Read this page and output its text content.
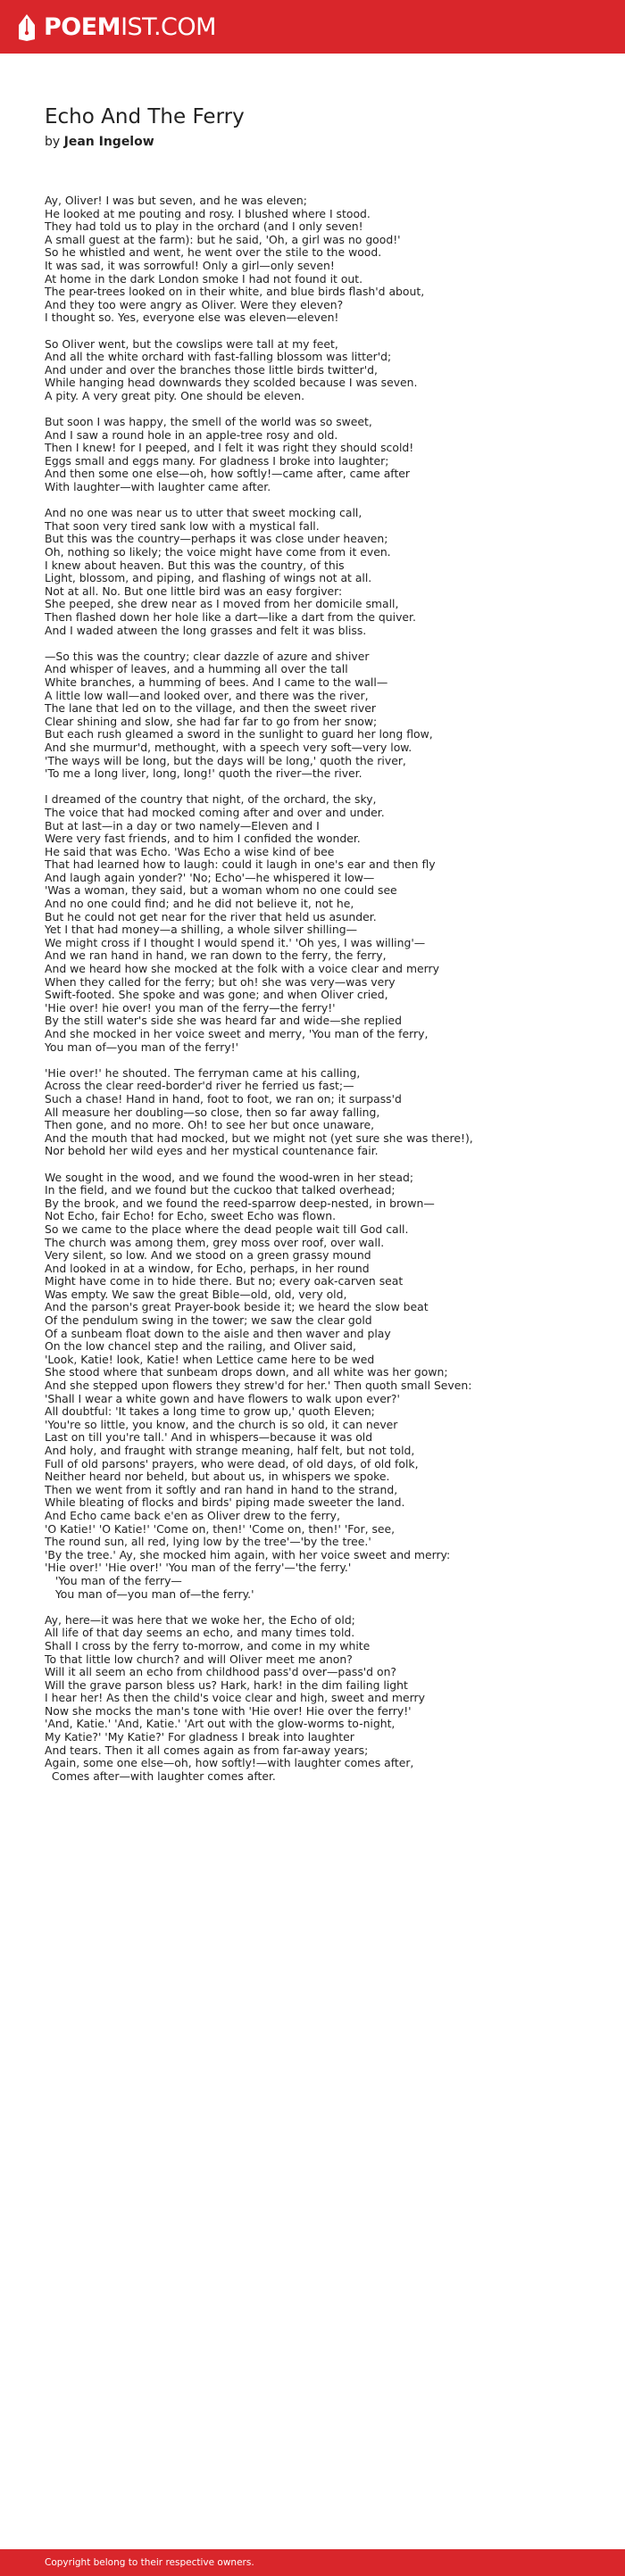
POEMIST.COM
Echo And The Ferry
by Jean Ingelow
Ay, Oliver! I was but seven, and he was eleven;
He looked at me pouting and rosy. I blushed where I stood.
They had told us to play in the orchard (and I only seven!
A small guest at the farm): but he said, 'Oh, a girl was no good!'
So he whistled and went, he went over the stile to the wood.
It was sad, it was sorrowful! Only a girl—only seven!
At home in the dark London smoke I had not found it out.
The pear-trees looked on in their white, and blue birds flash'd about,
And they too were angry as Oliver. Were they eleven?
I thought so. Yes, everyone else was eleven—eleven!
So Oliver went, but the cowslips were tall at my feet,
And all the white orchard with fast-falling blossom was litter'd;
And under and over the branches those little birds twitter'd,
While hanging head downwards they scolded because I was seven.
A pity. A very great pity. One should be eleven.
But soon I was happy, the smell of the world was so sweet,
And I saw a round hole in an apple-tree rosy and old.
Then I knew! for I peeped, and I felt it was right they should scold!
Eggs small and eggs many. For gladness I broke into laughter;
And then some one else—oh, how softly!—came after, came after
With laughter—with laughter came after.
And no one was near us to utter that sweet mocking call,
That soon very tired sank low with a mystical fall.
But this was the country—perhaps it was close under heaven;
Oh, nothing so likely; the voice might have come from it even.
I knew about heaven. But this was the country, of this
Light, blossom, and piping, and flashing of wings not at all.
Not at all. No. But one little bird was an easy forgiver:
She peeped, she drew near as I moved from her domicile small,
Then flashed down her hole like a dart—like a dart from the quiver.
And I waded atween the long grasses and felt it was bliss.
—So this was the country; clear dazzle of azure and shiver
And whisper of leaves, and a humming all over the tall
White branches, a humming of bees. And I came to the wall—
A little low wall—and looked over, and there was the river,
The lane that led on to the village, and then the sweet river
Clear shining and slow, she had far far to go from her snow;
But each rush gleamed a sword in the sunlight to guard her long flow,
And she murmur'd, methought, with a speech very soft—very low.
'The ways will be long, but the days will be long,' quoth the river,
'To me a long liver, long, long!' quoth the river—the river.
I dreamed of the country that night, of the orchard, the sky,
The voice that had mocked coming after and over and under.
But at last—in a day or two namely—Eleven and I
Were very fast friends, and to him I confided the wonder.
He said that was Echo. 'Was Echo a wise kind of bee
That had learned how to laugh: could it laugh in one's ear and then fly
And laugh again yonder?' 'No; Echo'—he whispered it low—
'Was a woman, they said, but a woman whom no one could see
And no one could find; and he did not believe it, not he,
But he could not get near for the river that held us asunder.
Yet I that had money—a shilling, a whole silver shilling—
We might cross if I thought I would spend it.' 'Oh yes, I was willing'—
And we ran hand in hand, we ran down to the ferry, the ferry,
And we heard how she mocked at the folk with a voice clear and merry
When they called for the ferry; but oh! she was very—was very
Swift-footed. She spoke and was gone; and when Oliver cried,
'Hie over! hie over! you man of the ferry—the ferry!'
By the still water's side she was heard far and wide—she replied
And she mocked in her voice sweet and merry, 'You man of the ferry,
You man of—you man of the ferry!'
'Hie over!' he shouted. The ferryman came at his calling,
Across the clear reed-border'd river he ferried us fast;—
Such a chase! Hand in hand, foot to foot, we ran on; it surpass'd
All measure her doubling—so close, then so far away falling,
Then gone, and no more. Oh! to see her but once unaware,
And the mouth that had mocked, but we might not (yet sure she was there!),
Nor behold her wild eyes and her mystical countenance fair.
We sought in the wood, and we found the wood-wren in her stead;
In the field, and we found but the cuckoo that talked overhead;
By the brook, and we found the reed-sparrow deep-nested, in brown—
Not Echo, fair Echo! for Echo, sweet Echo was flown.
So we came to the place where the dead people wait till God call.
The church was among them, grey moss over roof, over wall.
Very silent, so low. And we stood on a green grassy mound
And looked in at a window, for Echo, perhaps, in her round
Might have come in to hide there. But no; every oak-carven seat
Was empty. We saw the great Bible—old, old, very old,
And the parson's great Prayer-book beside it; we heard the slow beat
Of the pendulum swing in the tower; we saw the clear gold
Of a sunbeam float down to the aisle and then waver and play
On the low chancel step and the railing, and Oliver said,
'Look, Katie! look, Katie! when Lettice came here to be wed
She stood where that sunbeam drops down, and all white was her gown;
And she stepped upon flowers they strew'd for her.' Then quoth small Seven:
'Shall I wear a white gown and have flowers to walk upon ever?'
All doubtful: 'It takes a long time to grow up,' quoth Eleven;
'You're so little, you know, and the church is so old, it can never
Last on till you're tall.' And in whispers—because it was old
And holy, and fraught with strange meaning, half felt, but not told,
Full of old parsons' prayers, who were dead, of old days, of old folk,
Neither heard nor beheld, but about us, in whispers we spoke.
Then we went from it softly and ran hand in hand to the strand,
While bleating of flocks and birds' piping made sweeter the land.
And Echo came back e'en as Oliver drew to the ferry,
'O Katie!' 'O Katie!' 'Come on, then!' 'Come on, then!' 'For, see,
The round sun, all red, lying low by the tree'—'by the tree.'
'By the tree.' Ay, she mocked him again, with her voice sweet and merry:
'Hie over!' 'Hie over!' 'You man of the ferry'—'the ferry.'
'You man of the ferry—
You man of—you man of—the ferry.'
Ay, here—it was here that we woke her, the Echo of old;
All life of that day seems an echo, and many times told.
Shall I cross by the ferry to-morrow, and come in my white
To that little low church? and will Oliver meet me anon?
Will it all seem an echo from childhood pass'd over—pass'd on?
Will the grave parson bless us? Hark, hark! in the dim failing light
I hear her! As then the child's voice clear and high, sweet and merry
Now she mocks the man's tone with 'Hie over! Hie over the ferry!'
'And, Katie.' 'And, Katie.' 'Art out with the glow-worms to-night,
My Katie?' 'My Katie?' For gladness I break into laughter
And tears. Then it all comes again as from far-away years;
Again, some one else—oh, how softly!—with laughter comes after,
Comes after—with laughter comes after.
Copyright belong to their respective owners.
